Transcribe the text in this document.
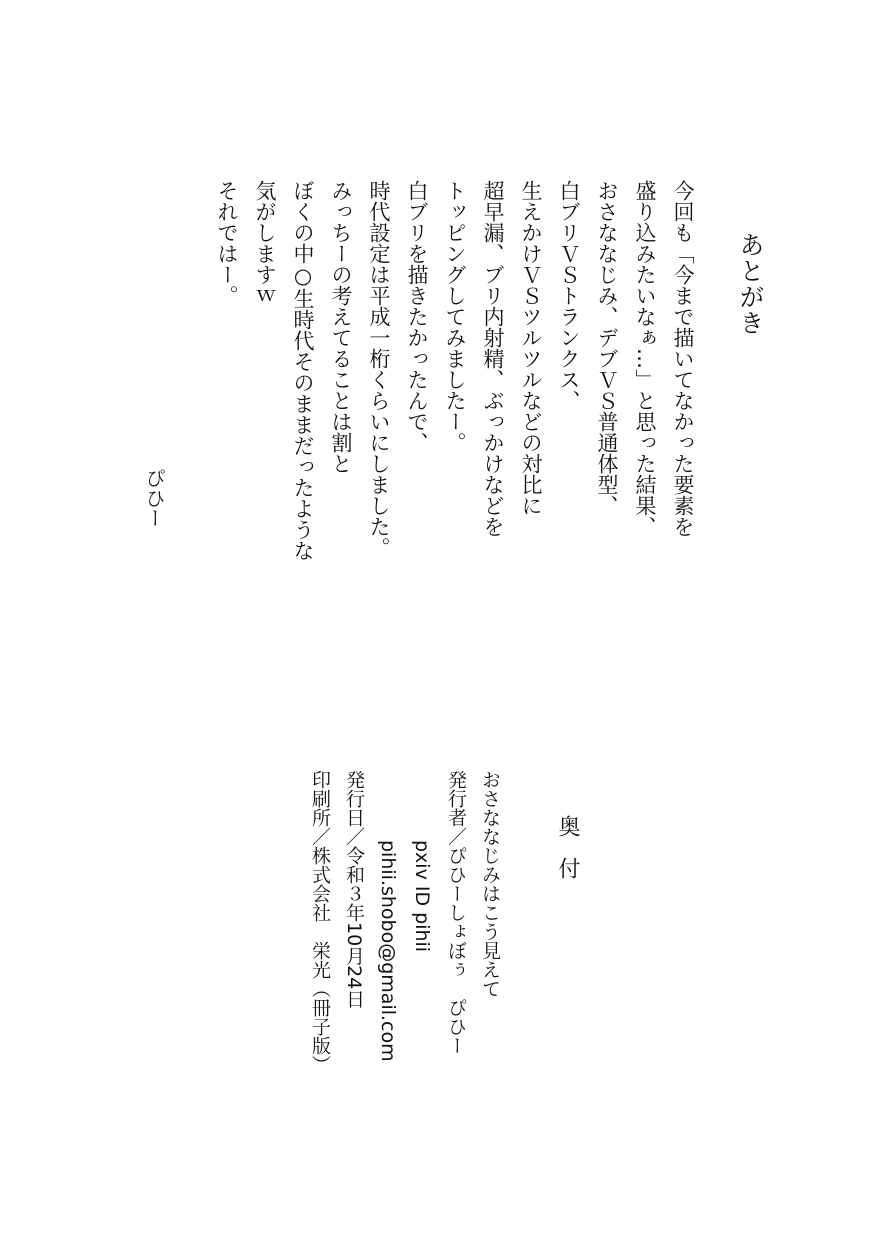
あとがき

今回も「今まで描いてなかった要素を

盛り込みたいなぁ…」と思った結果、

おさななじみ、デブＶＳ普通体型、

白ブリＶＳトランクス、

生えかけＶＳツルツルなどの対比に

超早漏、ブリ内射精、ぶっかけなどを

トッピングしてみましたー。

白ブリを描きたかったんで、

時代設定は平成一桁くらいにしました。

みっちーの考えてることは割と

ぼくの中○生時代そのままだったような

気がしますｗ

それではー。

ぴひー
奥付

おさななじみはこう見えて

発行者／ぴひーしょぼぅ　ぴひー

pxiv ID pihii

pihii.shobo@gmail.com

発行日／令和３年10月24日

印刷所／株式会社　栄光（冊子版）
